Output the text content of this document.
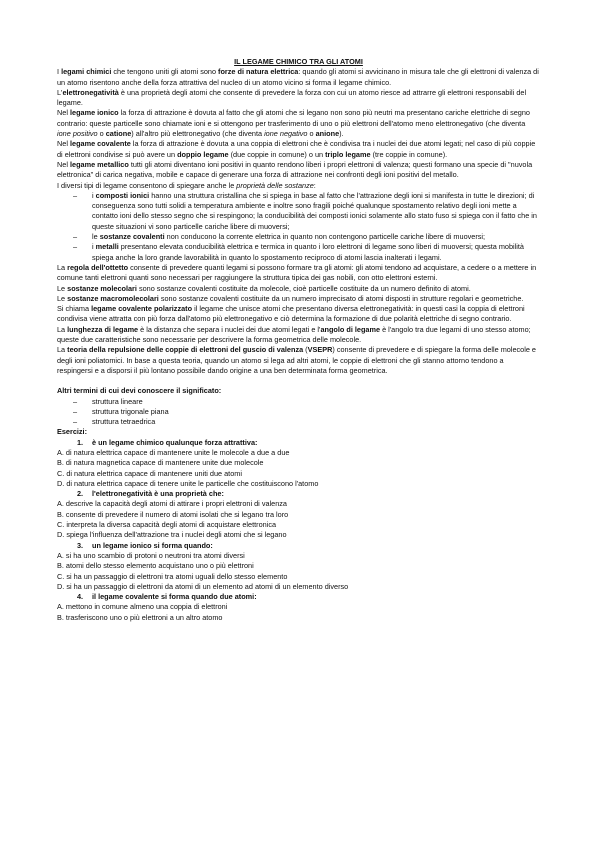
IL LEGAME CHIMICO TRA GLI ATOMI

I legami chimici che tengono uniti gli atomi sono forze di natura elettrica: quando gli atomi si avvicinano in misura tale che gli elettroni di valenza di un atomo risentono anche della forza attrattiva del nucleo di un atomo vicino si forma il legame chimico.

L'elettronegatività è una proprietà degli atomi che consente di prevedere la forza con cui un atomo riesce ad attrarre gli elettroni responsabili del legame.

Nel legame ionico la forza di attrazione è dovuta al fatto che gli atomi che si legano non sono più neutri ma presentano cariche elettriche di segno contrario: queste particelle sono chiamate ioni e si ottengono per trasferimento di uno o più elettroni dell'atomo meno elettronegativo (che diventa ione positivo o catione) all'altro più elettronegativo (che diventa ione negativo o anione).

Nel legame covalente la forza di attrazione è dovuta a una coppia di elettroni che è condivisa tra i nuclei dei due atomi legati; nel caso di più coppie di elettroni condivise si può avere un doppio legame (due coppie in comune) o un triplo legame (tre coppie in comune).

Nel legame metallico tutti gli atomi diventano ioni positivi in quanto rendono liberi i propri elettroni di valenza; questi formano una specie di "nuvola elettronica" di carica negativa, mobile e capace di generare una forza di attrazione nei confronti degli ioni positivi del metallo.

I diversi tipi di legame consentono di spiegare anche le proprietà delle sostanze:

– i composti ionici hanno una struttura cristallina che si spiega in base al fatto che l'attrazione degli ioni si manifesta in tutte le direzioni; di conseguenza sono tutti solidi a temperatura ambiente e inoltre sono fragili poiché qualunque spostamento relativo degli ioni mette a contatto ioni dello stesso segno che si respingono; la conducibilità dei composti ionici solamente allo stato fuso si spiega con il fatto che in queste situazioni vi sono particelle cariche libere di muoversi;
– le sostanze covalenti non conducono la corrente elettrica in quanto non contengono particelle cariche libere di muoversi;
– i metalli presentano elevata conducibilità elettrica e termica in quanto i loro elettroni di legame sono liberi di muoversi; questa mobilità spiega anche la loro grande lavorabilità in quanto lo spostamento reciproco di atomi lascia inalterati i legami.

La regola dell'ottetto consente di prevedere quanti legami si possono formare tra gli atomi: gli atomi tendono ad acquistare, a cedere o a mettere in comune tanti elettroni quanti sono necessari per raggiungere la struttura tipica dei gas nobili, con otto elettroni esterni.

Le sostanze molecolari sono sostanze covalenti costituite da molecole, cioè particelle costituite da un numero definito di atomi.

Le sostanze macromolecolari sono sostanze covalenti costituite da un numero imprecisato di atomi disposti in strutture regolari e geometriche.

Si chiama legame covalente polarizzato il legame che unisce atomi che presentano diversa elettronegatività: in questi casi la coppia di elettroni condivisa viene attratta con più forza dall'atomo più elettronegativo e ciò determina la formazione di due polarità elettriche di segno contrario.

La lunghezza di legame è la distanza che separa i nuclei dei due atomi legati e l'angolo di legame è l'angolo tra due legami di uno stesso atomo; queste due caratteristiche sono necessarie per descrivere la forma geometrica delle molecole.

La teoria della repulsione delle coppie di elettroni del guscio di valenza (VSEPR) consente di prevedere e di spiegare la forma delle molecole e degli ioni poliatomici. In base a questa teoria, quando un atomo si lega ad altri atomi, le coppie di elettroni che gli stanno attorno tendono a respingersi e a disporsi il più lontano possibile dando origine a una ben determinata forma geometrica.

Altri termini di cui devi conoscere il significato:

– struttura lineare
– struttura trigonale piana
– struttura tetraedrica

Esercizi:

1. è un legame chimico qualunque forza attrattiva:
A. di natura elettrica capace di mantenere unite le molecole a due a due
B. di natura magnetica capace di mantenere unite due molecole
C. di natura elettrica capace di mantenere uniti due atomi
D. di natura elettrica capace di tenere unite le particelle che costituiscono l'atomo
2. l'elettronegatività è una proprietà che:
A. descrive la capacità degli atomi di attirare i propri elettroni di valenza
B. consente di prevedere il numero di atomi isolati che si legano tra loro
C. interpreta la diversa capacità degli atomi di acquistare elettronica
D. spiega l'influenza dell'attrazione tra i nuclei degli atomi che si legano
3. un legame ionico si forma quando:
A. si ha uno scambio di protoni o neutroni tra atomi diversi
B. atomi dello stesso elemento acquistano uno o più elettroni
C. si ha un passaggio di elettroni tra atomi uguali dello stesso elemento
D. si ha un passaggio di elettroni da atomi di un elemento ad atomi di un elemento diverso
4. il legame covalente si forma quando due atomi:
A. mettono in comune almeno una coppia di elettroni
B. trasferiscono uno o più elettroni a un altro atomo
